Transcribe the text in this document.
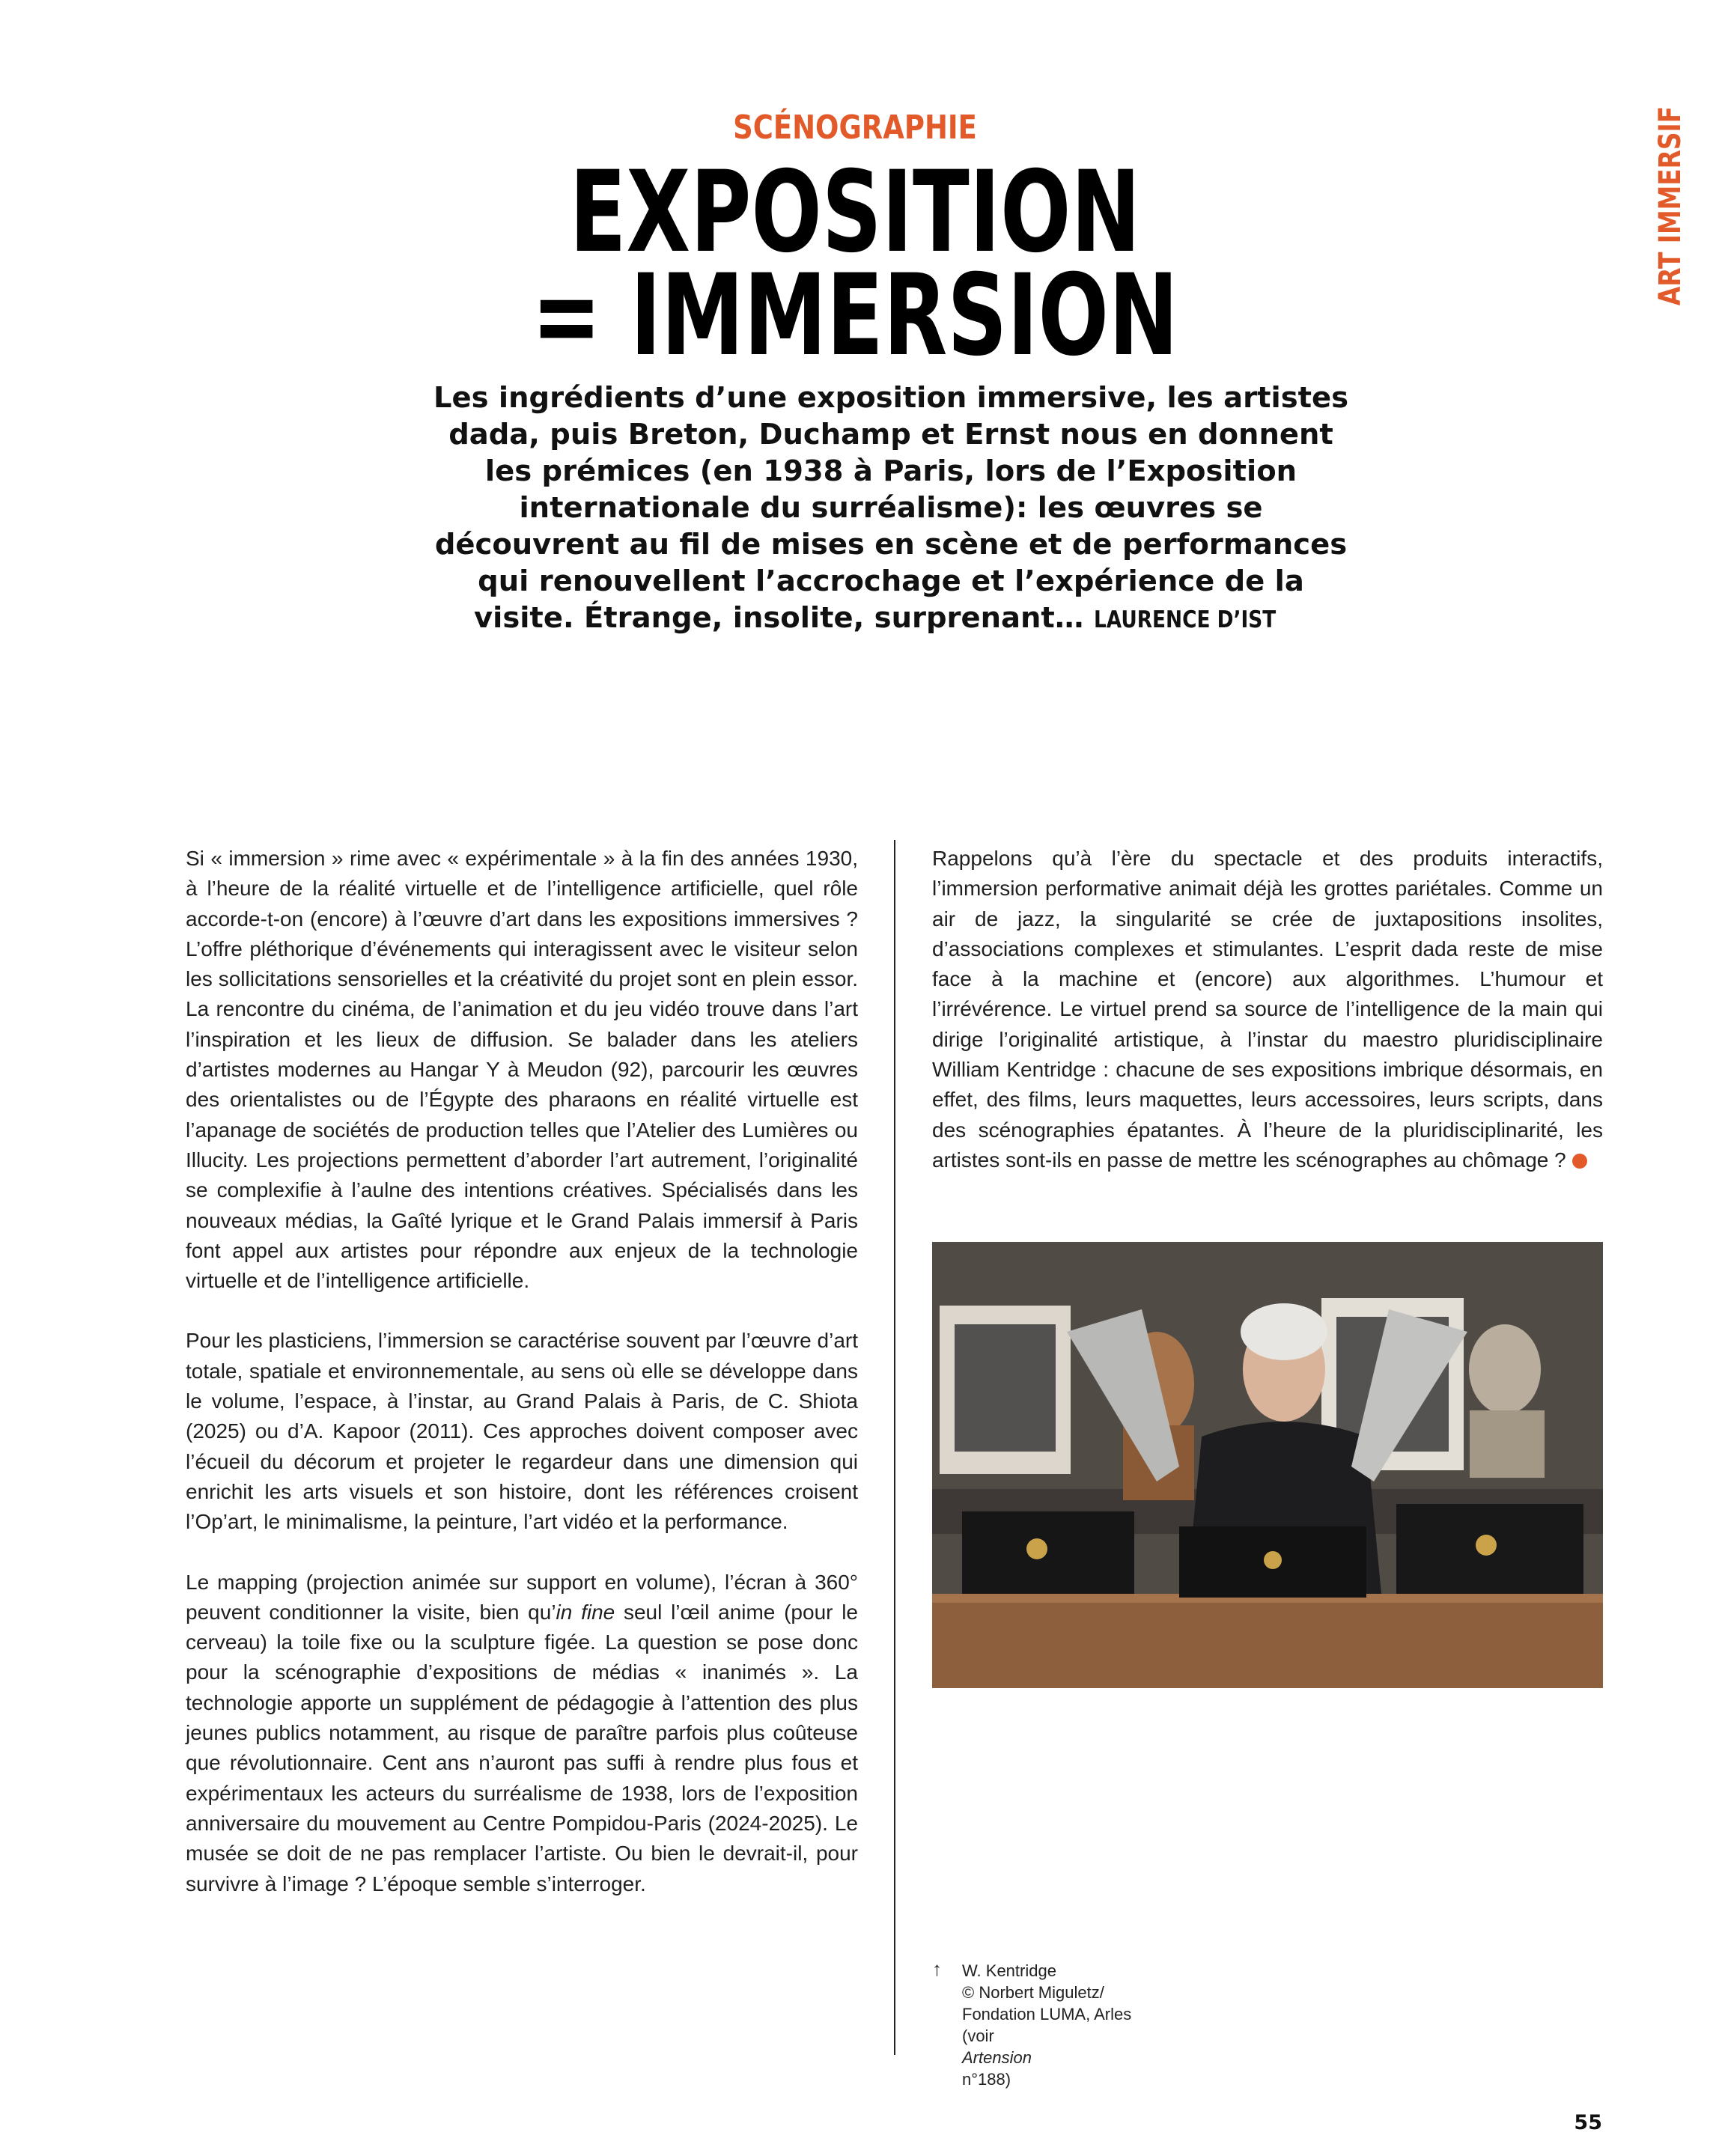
SCÉNOGRAPHIE
EXPOSITION
= IMMERSION
ART IMMERSIF
Les ingrédients d’une exposition immersive, les artistes
dada, puis Breton, Duchamp et Ernst nous en donnent
les prémices (en 1938 à Paris, lors de l’Exposition
internationale du surréalisme): les œuvres se
découvrent au fil de mises en scène et de performances
qui renouvellent l’accrochage et l’expérience de la
visite. Étrange, insolite, surprenant… LAURENCE D’IST

Si « immersion » rime avec « expérimentale » à la fin des années 1930, à l’heure de la réalité virtuelle et de l’intelligence artificielle, quel rôle accorde-t-on (encore) à l’œuvre d’art dans les expositions immersives ? L’offre pléthorique d’événements qui interagissent avec le visiteur selon les sollicitations sensorielles et la créativité du projet sont en plein essor. La rencontre du cinéma, de l’animation et du jeu vidéo trouve dans l’art l’inspiration et les lieux de diffusion. Se balader dans les ateliers d’artistes modernes au Hangar Y à Meudon (92), parcourir les œuvres des orientalistes ou de l’Égypte des pharaons en réalité virtuelle est l’apanage de sociétés de production telles que l’Atelier des Lumières ou Illucity. Les projections permettent d’aborder l’art autrement, l’originalité se complexifie à l’aulne des intentions créatives. Spécialisés dans les nouveaux médias, la Gaîté lyrique et le Grand Palais immersif à Paris font appel aux artistes pour répondre aux enjeux de la technologie virtuelle et de l’intelligence artificielle.

Pour les plasticiens, l’immersion se caractérise souvent par l’œuvre d’art totale, spatiale et environnementale, au sens où elle se développe dans le volume, l’espace, à l’instar, au Grand Palais à Paris, de C. Shiota (2025) ou d’A. Kapoor (2011). Ces approches doivent composer avec l’écueil du décorum et projeter le regardeur dans une dimension qui enrichit les arts visuels et son histoire, dont les références croisent l’Op’art, le minimalisme, la peinture, l’art vidéo et la performance.

Le mapping (projection animée sur support en volume), l’écran à 360° peuvent conditionner la visite, bien qu’in fine seul l’œil anime (pour le cerveau) la toile fixe ou la sculpture figée. La question se pose donc pour la scénographie d’expositions de médias « inanimés ». La technologie apporte un supplément de pédagogie à l’attention des plus jeunes publics notamment, au risque de paraître parfois plus coûteuse que révolutionnaire. Cent ans n’auront pas suffi à rendre plus fous et expérimentaux les acteurs du surréalisme de 1938, lors de l’exposition anniversaire du mouvement au Centre Pompidou-Paris (2024-2025). Le musée se doit de ne pas remplacer l’artiste. Ou bien le devrait-il, pour survivre à l’image ? L’époque semble s’interroger.

Rappelons qu’à l’ère du spectacle et des produits interactifs, l’immersion performative animait déjà les grottes pariétales. Comme un air de jazz, la singularité se crée de juxtapositions insolites, d’associations complexes et stimulantes. L’esprit dada reste de mise face à la machine et (encore) aux algorithmes. L’humour et l’irrévérence. Le virtuel prend sa source de l’intelligence de la main qui dirige l’originalité artistique, à l’instar du maestro pluridisciplinaire William Kentridge : chacune de ses expositions imbrique désormais, en effet, des films, leurs maquettes, leurs accessoires, leurs scripts, dans des scénographies épatantes. À l’heure de la pluridisciplinarité, les artistes sont-ils en passe de mettre les scénographes au chômage ?

↑ W. Kentridge
© Norbert Miguletz/
Fondation LUMA, Arles
(voir
Artension
n°188)
55
